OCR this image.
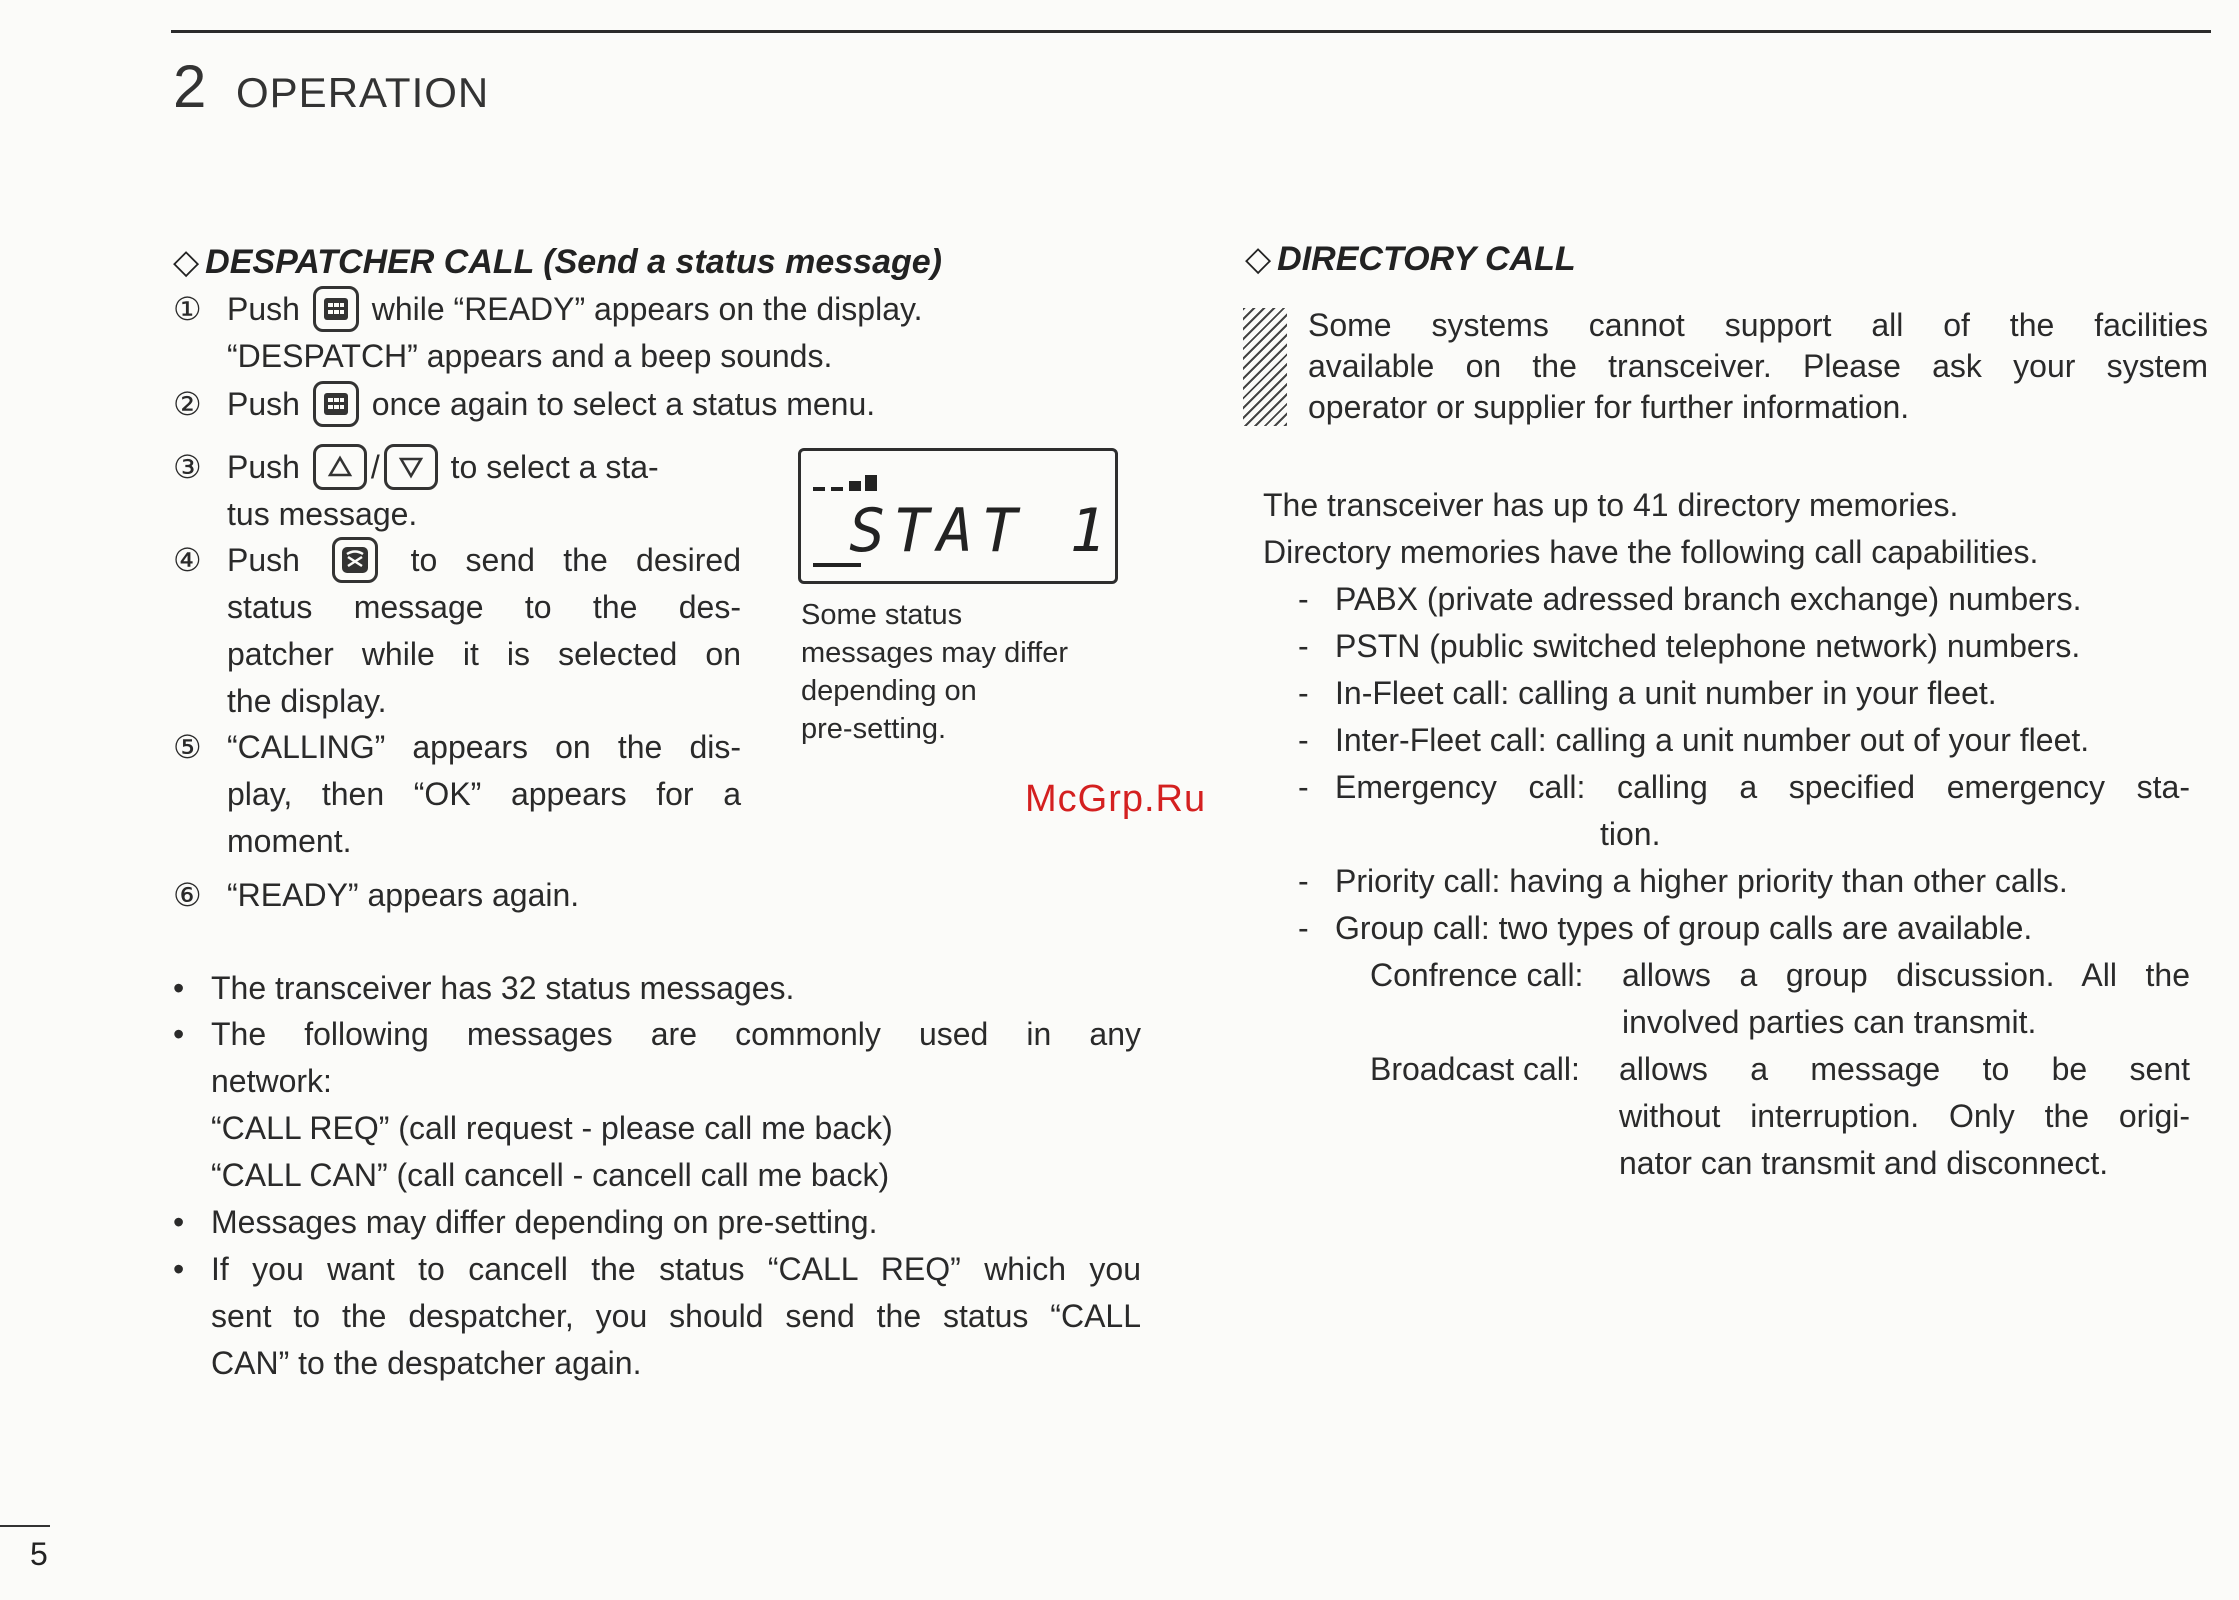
2 OPERATION
◇ DESPATCHER CALL (Send a status message)
① Push while “READY” appears on the display.
“DESPATCH” appears and a beep sounds.
② Push once again to select a status menu.
③ Push / to select a sta-
tus message.
④ Push	to send the desired
status message to the des-
patcher while it is selected on
the display.
⑤ “CALLING” appears on the dis-
play, then “OK” appears for a
moment.
⑥ “READY” appears again.
STAT 1
Some status
messages may differ
depending on
pre-setting.
• The transceiver has 32 status messages.
• The following messages are commonly used in any
network:
“CALL REQ” (call request - please call me back)
“CALL CAN” (call cancell - cancell call me back)
• Messages may differ depending on pre-setting.
• If you want to cancell the status “CALL REQ” which you
sent to the despatcher, you should send the status “CALL
CAN” to the despatcher again.
◇ DIRECTORY CALL
Some systems cannot support all of the facilities
available on the transceiver. Please ask your system
operator or supplier for further information.
The transceiver has up to 41 directory memories.
Directory memories have the following call capabilities.
- PABX (private adressed branch exchange) numbers.
- PSTN (public switched telephone network) numbers.
- In-Fleet call: calling a unit number in your fleet.
- Inter-Fleet call: calling a unit number out of your fleet.
- Emergency call: calling a specified emergency sta-
tion.
- Priority call: having a higher priority than other calls.
- Group call: two types of group calls are available.
Confrence call: allows a group discussion. All the
involved parties can transmit.
Broadcast call: allows a message to be sent
without interruption. Only the origi-
nator can transmit and disconnect.
McGrp.Ru
5
